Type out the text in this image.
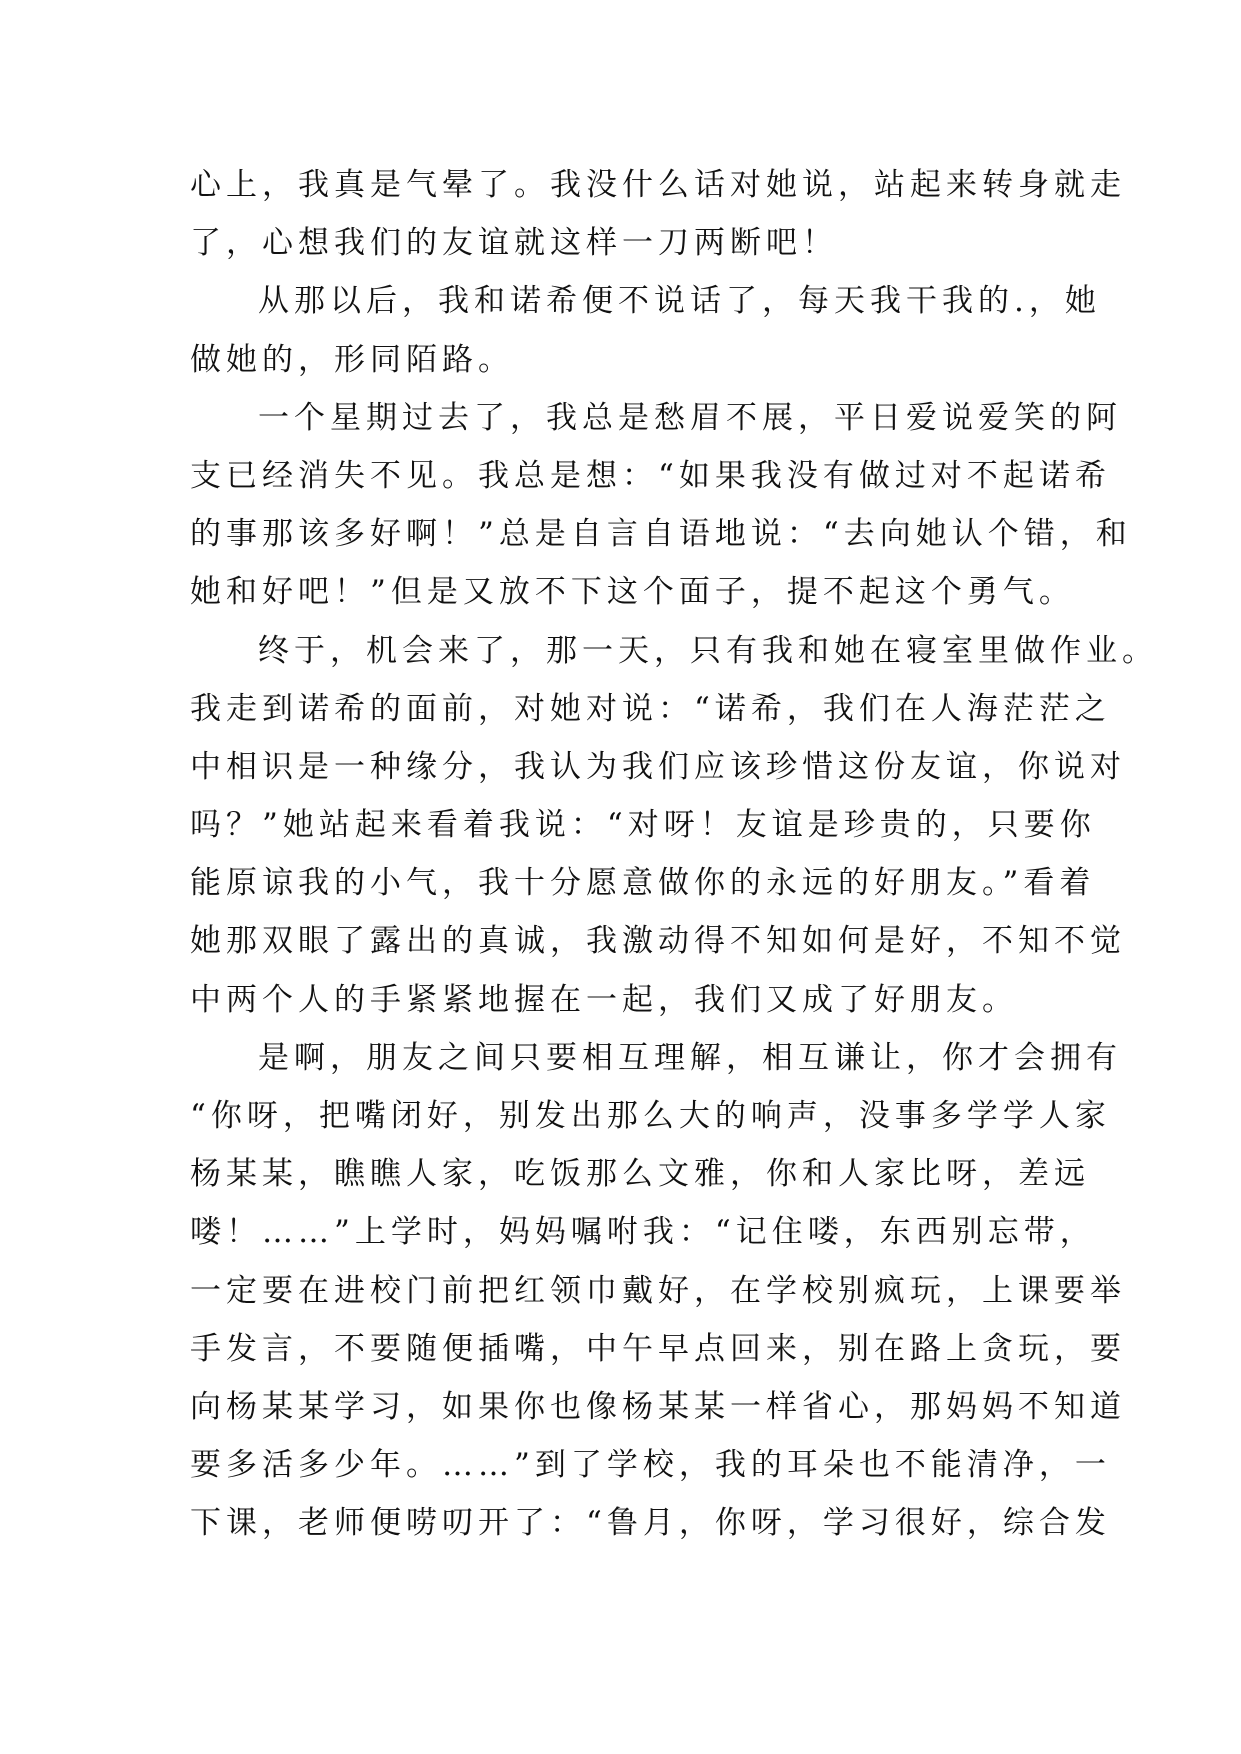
心上，我真是气晕了。我没什么话对她说，站起来转身就走
了，心想我们的友谊就这样一刀两断吧！
从那以后，我和诺希便不说话了，每天我干我的.，她
做她的，形同陌路。
一个星期过去了，我总是愁眉不展，平日爱说爱笑的阿
支已经消失不见。我总是想：“如果我没有做过对不起诺希
的事那该多好啊！”总是自言自语地说：“去向她认个错，和
她和好吧！”但是又放不下这个面子，提不起这个勇气。
终于，机会来了，那一天，只有我和她在寝室里做作业。
我走到诺希的面前，对她对说：“诺希，我们在人海茫茫之
中相识是一种缘分，我认为我们应该珍惜这份友谊，你说对
吗？”她站起来看着我说：“对呀！友谊是珍贵的，只要你
能原谅我的小气，我十分愿意做你的永远的好朋友。”看着
她那双眼了露出的真诚，我激动得不知如何是好，不知不觉
中两个人的手紧紧地握在一起，我们又成了好朋友。
是啊，朋友之间只要相互理解，相互谦让，你才会拥有
“你呀，把嘴闭好，别发出那么大的响声，没事多学学人家
杨某某，瞧瞧人家，吃饭那么文雅，你和人家比呀，差远
喽！……”上学时，妈妈嘱咐我：“记住喽，东西别忘带，
一定要在进校门前把红领巾戴好，在学校别疯玩，上课要举
手发言，不要随便插嘴，中午早点回来，别在路上贪玩，要
向杨某某学习，如果你也像杨某某一样省心，那妈妈不知道
要多活多少年。……”到了学校，我的耳朵也不能清净，一
下课，老师便唠叨开了：“鲁月，你呀，学习很好，综合发
